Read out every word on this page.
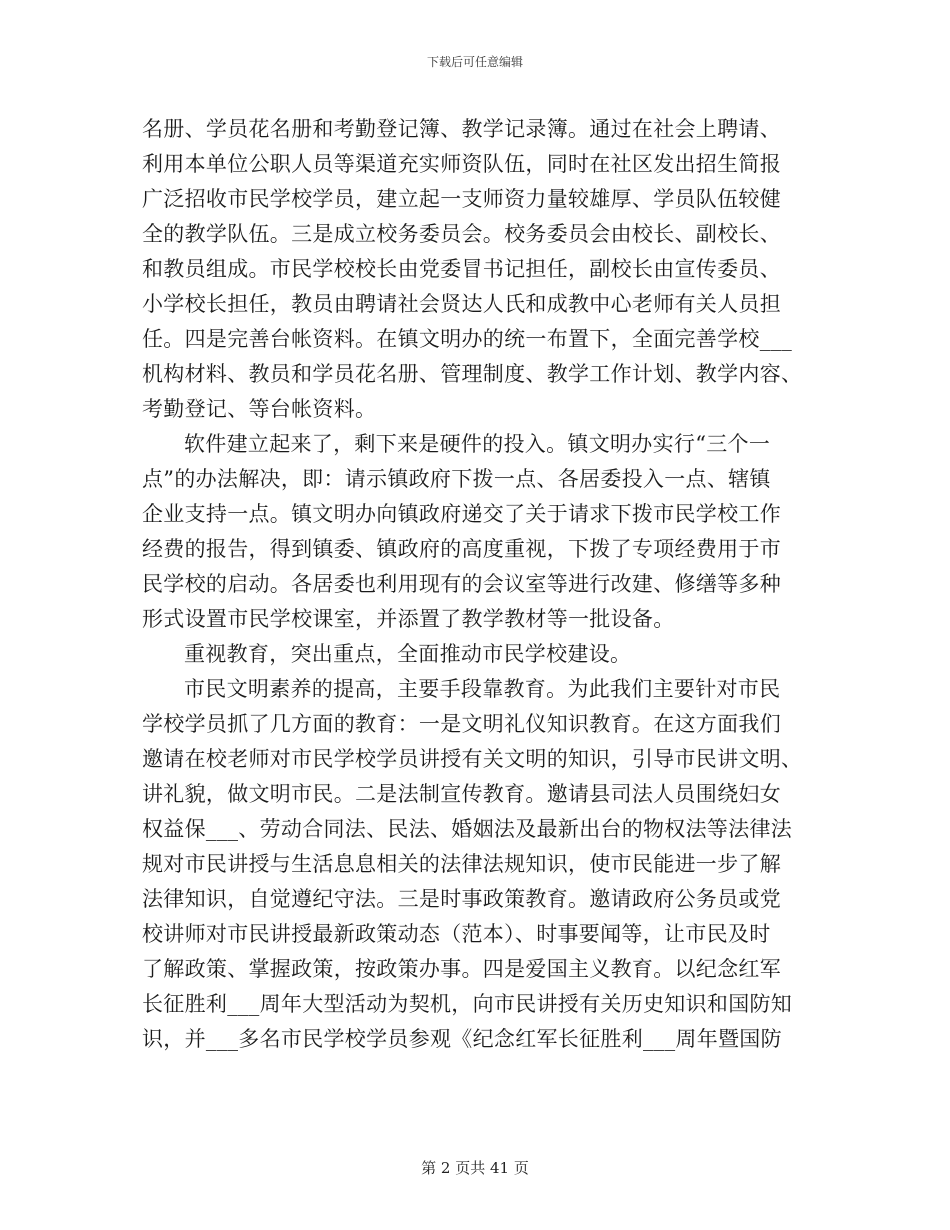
下载后可任意编辑
名册、学员花名册和考勤登记簿、教学记录簿。通过在社会上聘请、
利用本单位公职人员等渠道充实师资队伍，同时在社区发出招生简报
广泛招收市民学校学员，建立起一支师资力量较雄厚、学员队伍较健
全的教学队伍。三是成立校务委员会。校务委员会由校长、副校长、
和教员组成。市民学校校长由党委冒书记担任，副校长由宣传委员、
小学校长担任，教员由聘请社会贤达人氏和成教中心老师有关人员担
任。四是完善台帐资料。在镇文明办的统一布置下，全面完善学校___
机构材料、教员和学员花名册、管理制度、教学工作计划、教学内容、
考勤登记、等台帐资料。
软件建立起来了，剩下来是硬件的投入。镇文明办实行“三个一
点”的办法解决，即：请示镇政府下拨一点、各居委投入一点、辖镇
企业支持一点。镇文明办向镇政府递交了关于请求下拨市民学校工作
经费的报告，得到镇委、镇政府的高度重视，下拨了专项经费用于市
民学校的启动。各居委也利用现有的会议室等进行改建、修缮等多种
形式设置市民学校课室，并添置了教学教材等一批设备。
重视教育，突出重点，全面推动市民学校建设。
市民文明素养的提高，主要手段靠教育。为此我们主要针对市民
学校学员抓了几方面的教育：一是文明礼仪知识教育。在这方面我们
邀请在校老师对市民学校学员讲授有关文明的知识，引导市民讲文明、
讲礼貌，做文明市民。二是法制宣传教育。邀请县司法人员围绕妇女
权益保___、劳动合同法、民法、婚姻法及最新出台的物权法等法律法
规对市民讲授与生活息息相关的法律法规知识，使市民能进一步了解
法律知识，自觉遵纪守法。三是时事政策教育。邀请政府公务员或党
校讲师对市民讲授最新政策动态（范本）、时事要闻等，让市民及时
了解政策、掌握政策，按政策办事。四是爱国主义教育。以纪念红军
长征胜利___周年大型活动为契机，向市民讲授有关历史知识和国防知
识，并___多名市民学校学员参观《纪念红军长征胜利___周年暨国防
第 2 页共 41 页
